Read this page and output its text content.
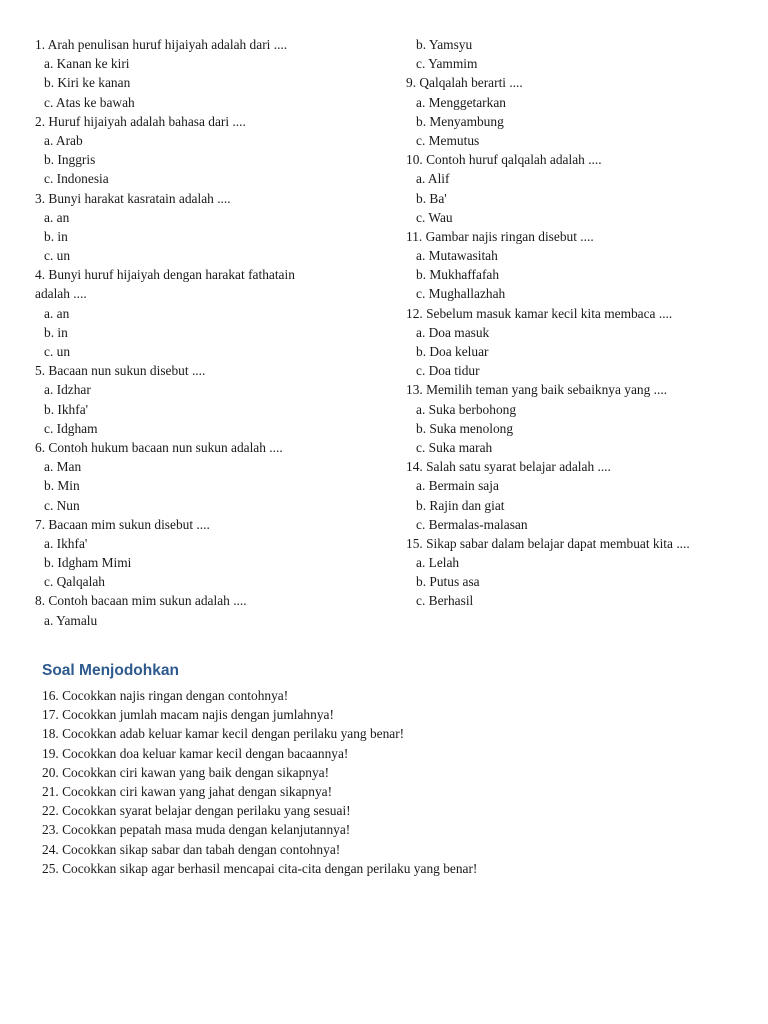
1. Arah penulisan huruf hijaiyah adalah dari ....
a. Kanan ke kiri
b. Kiri ke kanan
c. Atas ke bawah
2. Huruf hijaiyah adalah bahasa dari ....
a. Arab
b. Inggris
c. Indonesia
3. Bunyi harakat kasratain adalah ....
a. an
b. in
c. un
4. Bunyi huruf hijaiyah dengan harakat fathatain
adalah ....
a. an
b. in
c. un
5. Bacaan nun sukun disebut ....
a. Idzhar
b. Ikhfa'
c. Idgham
6. Contoh hukum bacaan nun sukun adalah ....
a. Man
b. Min
c. Nun
7. Bacaan mim sukun disebut ....
a. Ikhfa'
b. Idgham Mimi
c. Qalqalah
8. Contoh bacaan mim sukun adalah ....
a. Yamalu
b. Yamsyu
c. Yammim
9. Qalqalah berarti ....
a. Menggetarkan
b. Menyambung
c. Memutus
10. Contoh huruf qalqalah adalah ....
a. Alif
b. Ba'
c. Wau
11. Gambar najis ringan disebut ....
a. Mutawasitah
b. Mukhaffafah
c. Mughallazhah
12. Sebelum masuk kamar kecil kita membaca ....
a. Doa masuk
b. Doa keluar
c. Doa tidur
13. Memilih teman yang baik sebaiknya yang ....
a. Suka berbohong
b. Suka menolong
c. Suka marah
14. Salah satu syarat belajar adalah ....
a. Bermain saja
b. Rajin dan giat
c. Bermalas-malasan
15. Sikap sabar dalam belajar dapat membuat kita ....
a. Lelah
b. Putus asa
c. Berhasil
Soal Menjodohkan
16. Cocokkan najis ringan dengan contohnya!
17. Cocokkan jumlah macam najis dengan jumlahnya!
18. Cocokkan adab keluar kamar kecil dengan perilaku yang benar!
19. Cocokkan doa keluar kamar kecil dengan bacaannya!
20. Cocokkan ciri kawan yang baik dengan sikapnya!
21. Cocokkan ciri kawan yang jahat dengan sikapnya!
22. Cocokkan syarat belajar dengan perilaku yang sesuai!
23. Cocokkan pepatah masa muda dengan kelanjutannya!
24. Cocokkan sikap sabar dan tabah dengan contohnya!
25. Cocokkan sikap agar berhasil mencapai cita-cita dengan perilaku yang benar!
